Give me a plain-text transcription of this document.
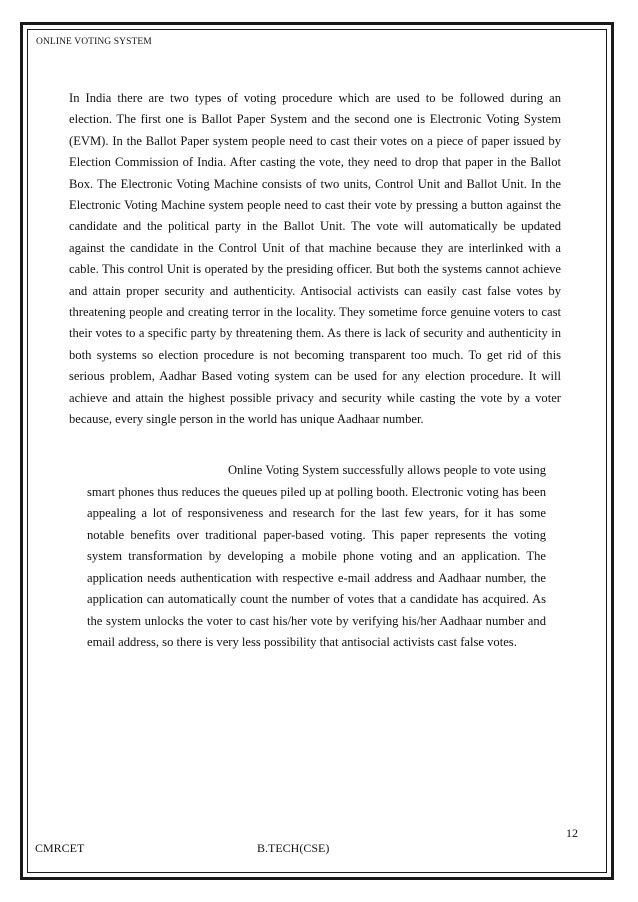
ONLINE VOTING SYSTEM

In India there are two types of voting procedure which are used to be followed during an election. The first one is Ballot Paper System and the second one is Electronic Voting System (EVM). In the Ballot Paper system people need to cast their votes on a piece of paper issued by Election Commission of India. After casting the vote, they need to drop that paper in the Ballot Box. The Electronic Voting Machine consists of two units, Control Unit and Ballot Unit. In the Electronic Voting Machine system people need to cast their vote by pressing a button against the candidate and the political party in the Ballot Unit. The vote will automatically be updated against the candidate in the Control Unit of that machine because they are interlinked with a cable. This control Unit is operated by the presiding officer. But both the systems cannot achieve and attain proper security and authenticity. Antisocial activists can easily cast false votes by threatening people and creating terror in the locality. They sometime force genuine voters to cast their votes to a specific party by threatening them. As there is lack of security and authenticity in both systems so election procedure is not becoming transparent too much. To get rid of this serious problem, Aadhar Based voting system can be used for any election procedure. It will achieve and attain the highest possible privacy and security while casting the vote by a voter because, every single person in the world has unique Aadhaar number.

Online Voting System successfully allows people to vote using smart phones thus reduces the queues piled up at polling booth. Electronic voting has been appealing a lot of responsiveness and research for the last few years, for it has some notable benefits over traditional paper-based voting. This paper represents the voting system transformation by developing a mobile phone voting and an application. The application needs authentication with respective e-mail address and Aadhaar number, the application can automatically count the number of votes that a candidate has acquired. As the system unlocks the voter to cast his/her vote by verifying his/her Aadhaar number and email address, so there is very less possibility that antisocial activists cast false votes.

12
CMRCET	B.TECH(CSE)
